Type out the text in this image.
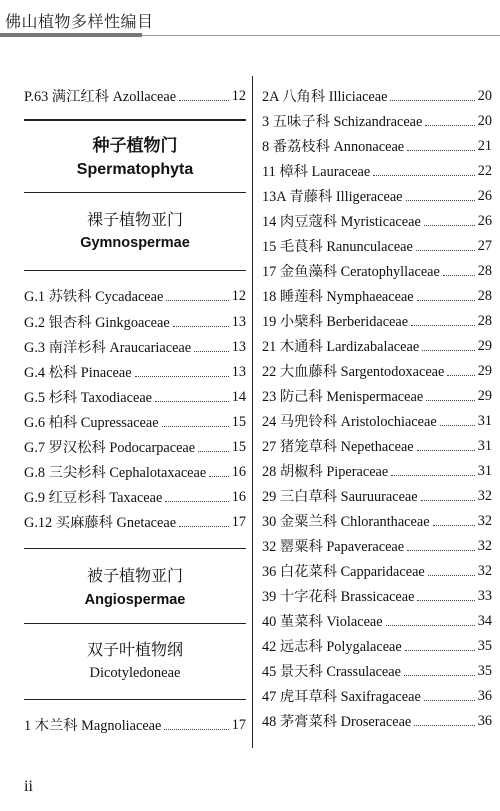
佛山植物多样性编目
P.63 满江红科 Azollaceae	12
种子植物门
Spermatophyta
裸子植物亚门
Gymnospermae
G.1 苏铁科 Cycadaceae	12
G.2 银杏科 Ginkgoaceae	13
G.3 南洋杉科 Araucariaceae	13
G.4 松科 Pinaceae	13
G.5 杉科 Taxodiaceae	14
G.6 柏科 Cupressaceae	15
G.7 罗汉松科 Podocarpaceae	15
G.8 三尖杉科 Cephalotaxaceae 16
G.9 红豆杉科 Taxaceae	16
G.12 买麻藤科 Gnetaceae	17
被子植物亚门
Angiospermae
双子叶植物纲
Dicotyledoneae
1 木兰科 Magnoliaceae	17
2A 八角科 Illiciaceae	20
3 五味子科 Schizandraceae	20
8 番荔枝科 Annonaceae	21
11 樟科 Lauraceae	22
13A 青藤科 Illigeraceae	26
14 肉豆蔻科 Myristicaceae	26
15 毛茛科 Ranunculaceae	27
17 金鱼藻科 Ceratophyllaceae	28
18 睡莲科 Nymphaeaceae	28
19 小檗科 Berberidaceae	28
21 木通科 Lardizabalaceae	29
22 大血藤科 Sargentodoxaceae 29
23 防己科 Menispermaceae	29
24 马兜铃科 Aristolochiaceae	31
27 猪笼草科 Nepethaceae	31
28 胡椒科 Piperaceae	31
29 三白草科 Sauruuraceae	32
30 金粟兰科 Chloranthaceae	32
32 罂粟科 Papaveraceae	32
36 白花菜科 Capparidaceae	32
39 十字花科 Brassicaceae	33
40 堇菜科 Violaceae	34
42 远志科 Polygalaceae	35
45 景天科 Crassulaceae	35
47 虎耳草科 Saxifragaceae	36
48 茅膏菜科 Droseraceae	36
ii
